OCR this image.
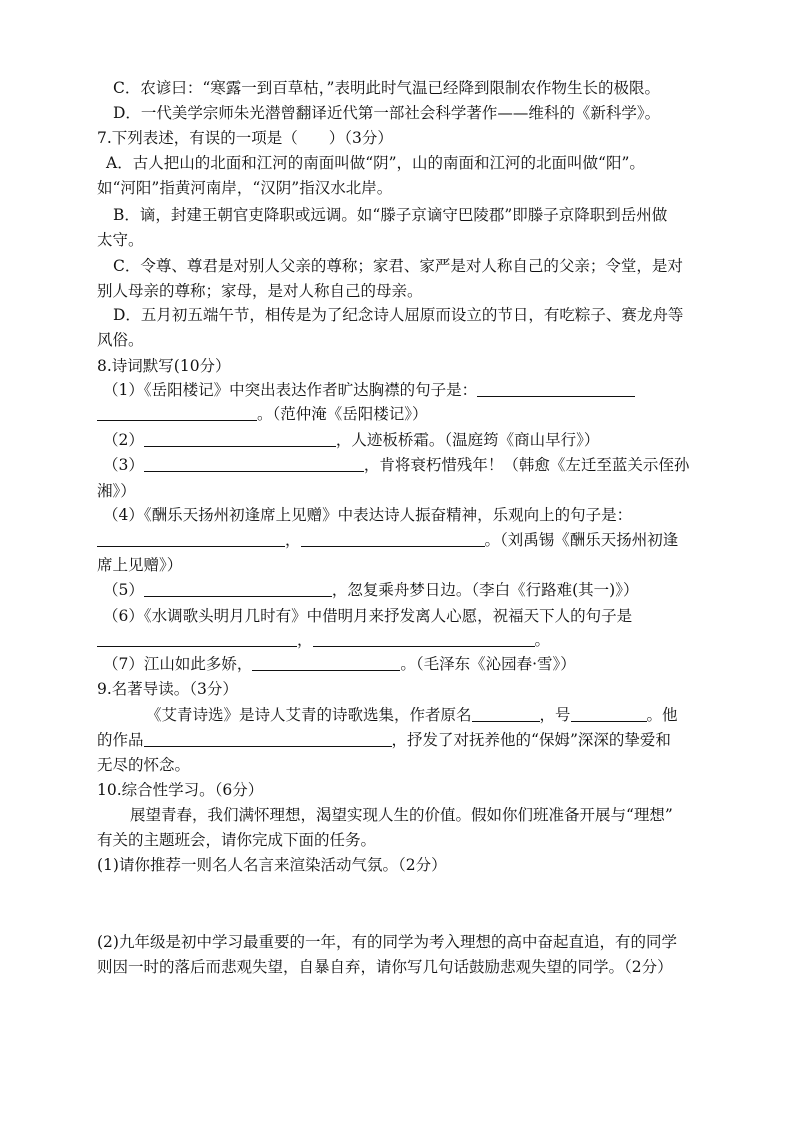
C．农谚曰：“寒露一到百草枯，”表明此时气温已经降到限制农作物生长的极限。
D．一代美学宗师朱光潜曾翻译近代第一部社会科学著作——维科的《新科学》。
7.下列表述，有误的一项是（　　）（3分）
A．古人把山的北面和江河的南面叫做“阴”，山的南面和江河的北面叫做“阳”。
如“河阳”指黄河南岸，“汉阴”指汉水北岸。
B．谪，封建王朝官吏降职或远调。如“滕子京谪守巴陵郡”即滕子京降职到岳州做
太守。
C．令尊、尊君是对别人父亲的尊称；家君、家严是对人称自己的父亲；令堂，是对
别人母亲的尊称；家母，是对人称自己的母亲。
D．五月初五端午节，相传是为了纪念诗人屈原而设立的节日，有吃粽子、赛龙舟等
风俗。
8.诗词默写(10分）
（1）《岳阳楼记》中突出表达作者旷达胸襟的句子是：
。（范仲淹《岳阳楼记》）
（2）	，人迹板桥霜。（温庭筠《商山早行》）
（3）	，肯将衰朽惜残年！（韩愈《左迁至蓝关示侄孙
湘》）
（4）《酬乐天扬州初逢席上见赠》中表达诗人振奋精神，乐观向上的句子是：
，	。（刘禹锡《酬乐天扬州初逢
席上见赠》）
（5）	，忽复乘舟梦日边。（李白《行路难(其一)》）
（6）《水调歌头明月几时有》中借明月来抒发离人心愿，祝福天下人的句子是
，	。
（7）江山如此多娇，	。（毛泽东《沁园春·雪》）
9.名著导读。（3分）
《艾青诗选》是诗人艾青的诗歌选集，作者原名	，号	。他
的作品	，抒发了对抚养他的“保姆”深深的挚爱和
无尽的怀念。
10.综合性学习。（6分）
展望青春，我们满怀理想，渴望实现人生的价值。假如你们班准备开展与“理想”
有关的主题班会，请你完成下面的任务。
(1)请你推荐一则名人名言来渲染活动气氛。（2分）
(2)九年级是初中学习最重要的一年，有的同学为考入理想的高中奋起直追，有的同学
则因一时的落后而悲观失望，自暴自弃，请你写几句话鼓励悲观失望的同学。（2分）
